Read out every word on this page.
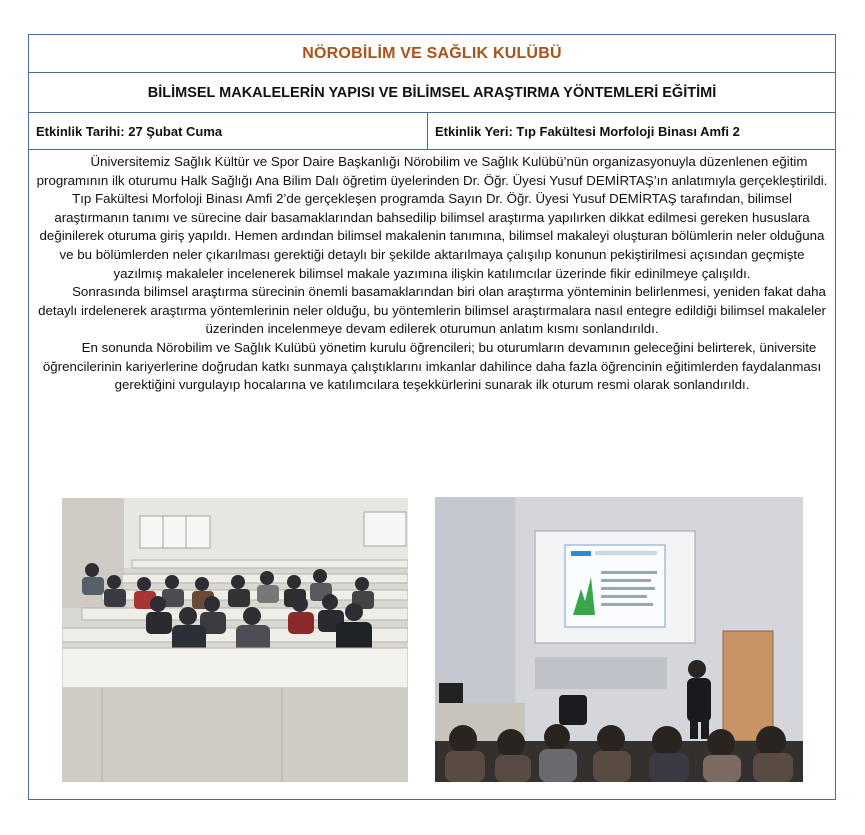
NÖROBİLİM VE SAĞLIK KULÜBÜ
BİLİMSEL MAKALELERİN YAPISI VE BİLİMSEL ARAŞTIRMA YÖNTEMLERİ EĞİTİMİ
Etkinlik Tarihi: 27 Şubat Cuma	Etkinlik Yeri: Tıp Fakültesi Morfoloji Binası Amfi 2

Üniversitemiz Sağlık Kültür ve Spor Daire Başkanlığı Nörobilim ve Sağlık Kulübü’nün organizasyonuyla düzenlenen eğitim programının ilk oturumu Halk Sağlığı Ana Bilim Dalı öğretim üyelerinden Dr. Öğr. Üyesi Yusuf DEMİRTAŞ’ın anlatımıyla gerçekleştirildi. Tıp Fakültesi Morfoloji Binası Amfi 2’de gerçekleşen programda Sayın Dr. Öğr. Üyesi Yusuf DEMİRTAŞ tarafından, bilimsel araştırmanın tanımı ve sürecine dair basamaklarından bahsedilip bilimsel araştırma yapılırken dikkat edilmesi gereken hususlara değinilerek oturuma giriş yapıldı. Hemen ardından bilimsel makalenin tanımına, bilimsel makaleyi oluşturan bölümlerin neler olduğuna ve bu bölümlerden neler çıkarılması gerektiği detaylı bir şekilde aktarılmaya çalışılıp konunun pekiştirilmesi açısından geçmişte yazılmış makaleler incelenerek bilimsel makale yazımına ilişkin katılımcılar üzerinde fikir edinilmeye çalışıldı.

Sonrasında bilimsel araştırma sürecinin önemli basamaklarından biri olan araştırma yönteminin belirlenmesi, yeniden fakat daha detaylı irdelenerek araştırma yöntemlerinin neler olduğu, bu yöntemlerin bilimsel araştırmalara nasıl entegre edildiği bilimsel makaleler üzerinden incelenmeye devam edilerek oturumun anlatım kısmı sonlandırıldı.

En sonunda Nörobilim ve Sağlık Kulübü yönetim kurulu öğrencileri; bu oturumların devamının geleceğini belirterek, üniversite öğrencilerinin kariyerlerine doğrudan katkı sunmaya çalıştıklarını imkanlar dahilince daha fazla öğrencinin eğitimlerden faydalanması gerektiğini vurgulayıp hocalarına ve katılımcılara teşekkürlerini sunarak ilk oturum resmi olarak sonlandırıldı.
